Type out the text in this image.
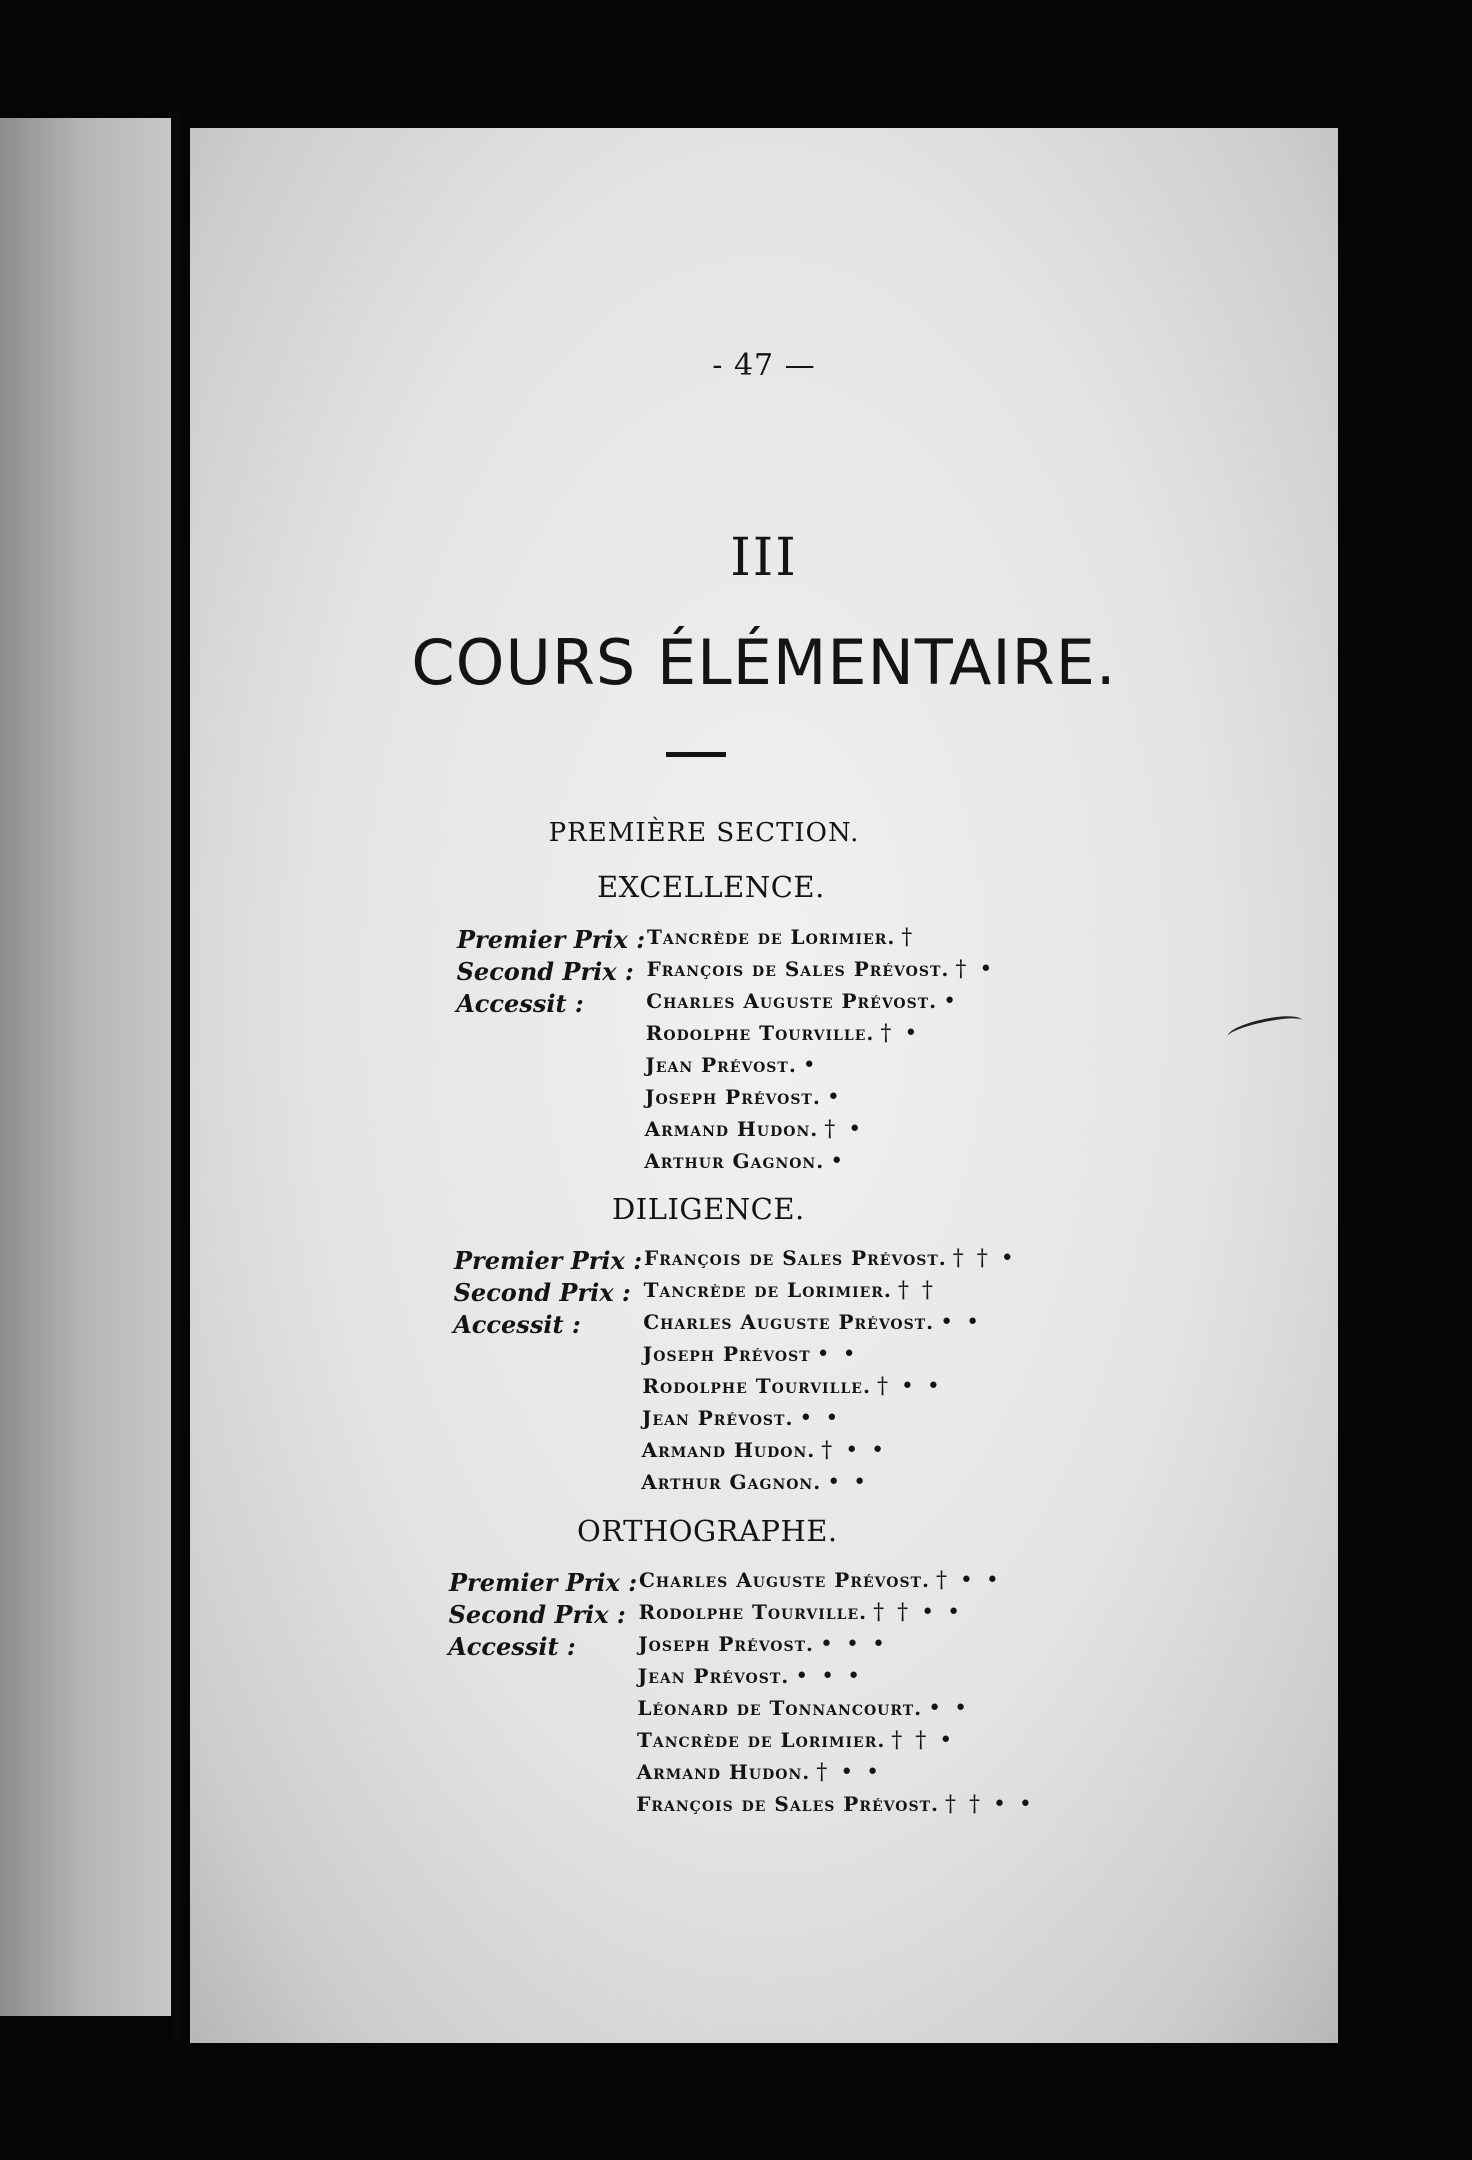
- 47 —
III
COURS ÉLÉMENTAIRE.
PREMIÈRE SECTION.
EXCELLENCE.
Premier Prix : Tancrède de Lorimier. †
Second Prix : François de Sales Prévost. † •
Accessit :	Charles Auguste Prévost. •
Rodolphe Tourville. † •
Jean Prévost. •
Joseph Prévost. •
Armand Hudon. † •
Arthur Gagnon. •
DILIGENCE.
Premier Prix : François de Sales Prévost. † † •
Second Prix : Tancrède de Lorimier. † †
Accessit :	Charles Auguste Prévost. • •
Joseph Prévost • •
Rodolphe Tourville. † • •
Jean Prévost. • •
Armand Hudon. † • •
Arthur Gagnon. • •
ORTHOGRAPHE.
Premier Prix : Charles Auguste Prévost. † • •
Second Prix : Rodolphe Tourville. † † • •
Accessit :	Joseph Prévost. • • •
Jean Prévost. • • •
Léonard de Tonnancourt. • •
Tancrède de Lorimier. † † •
Armand Hudon. † • •
François de Sales Prévost. † † • •
